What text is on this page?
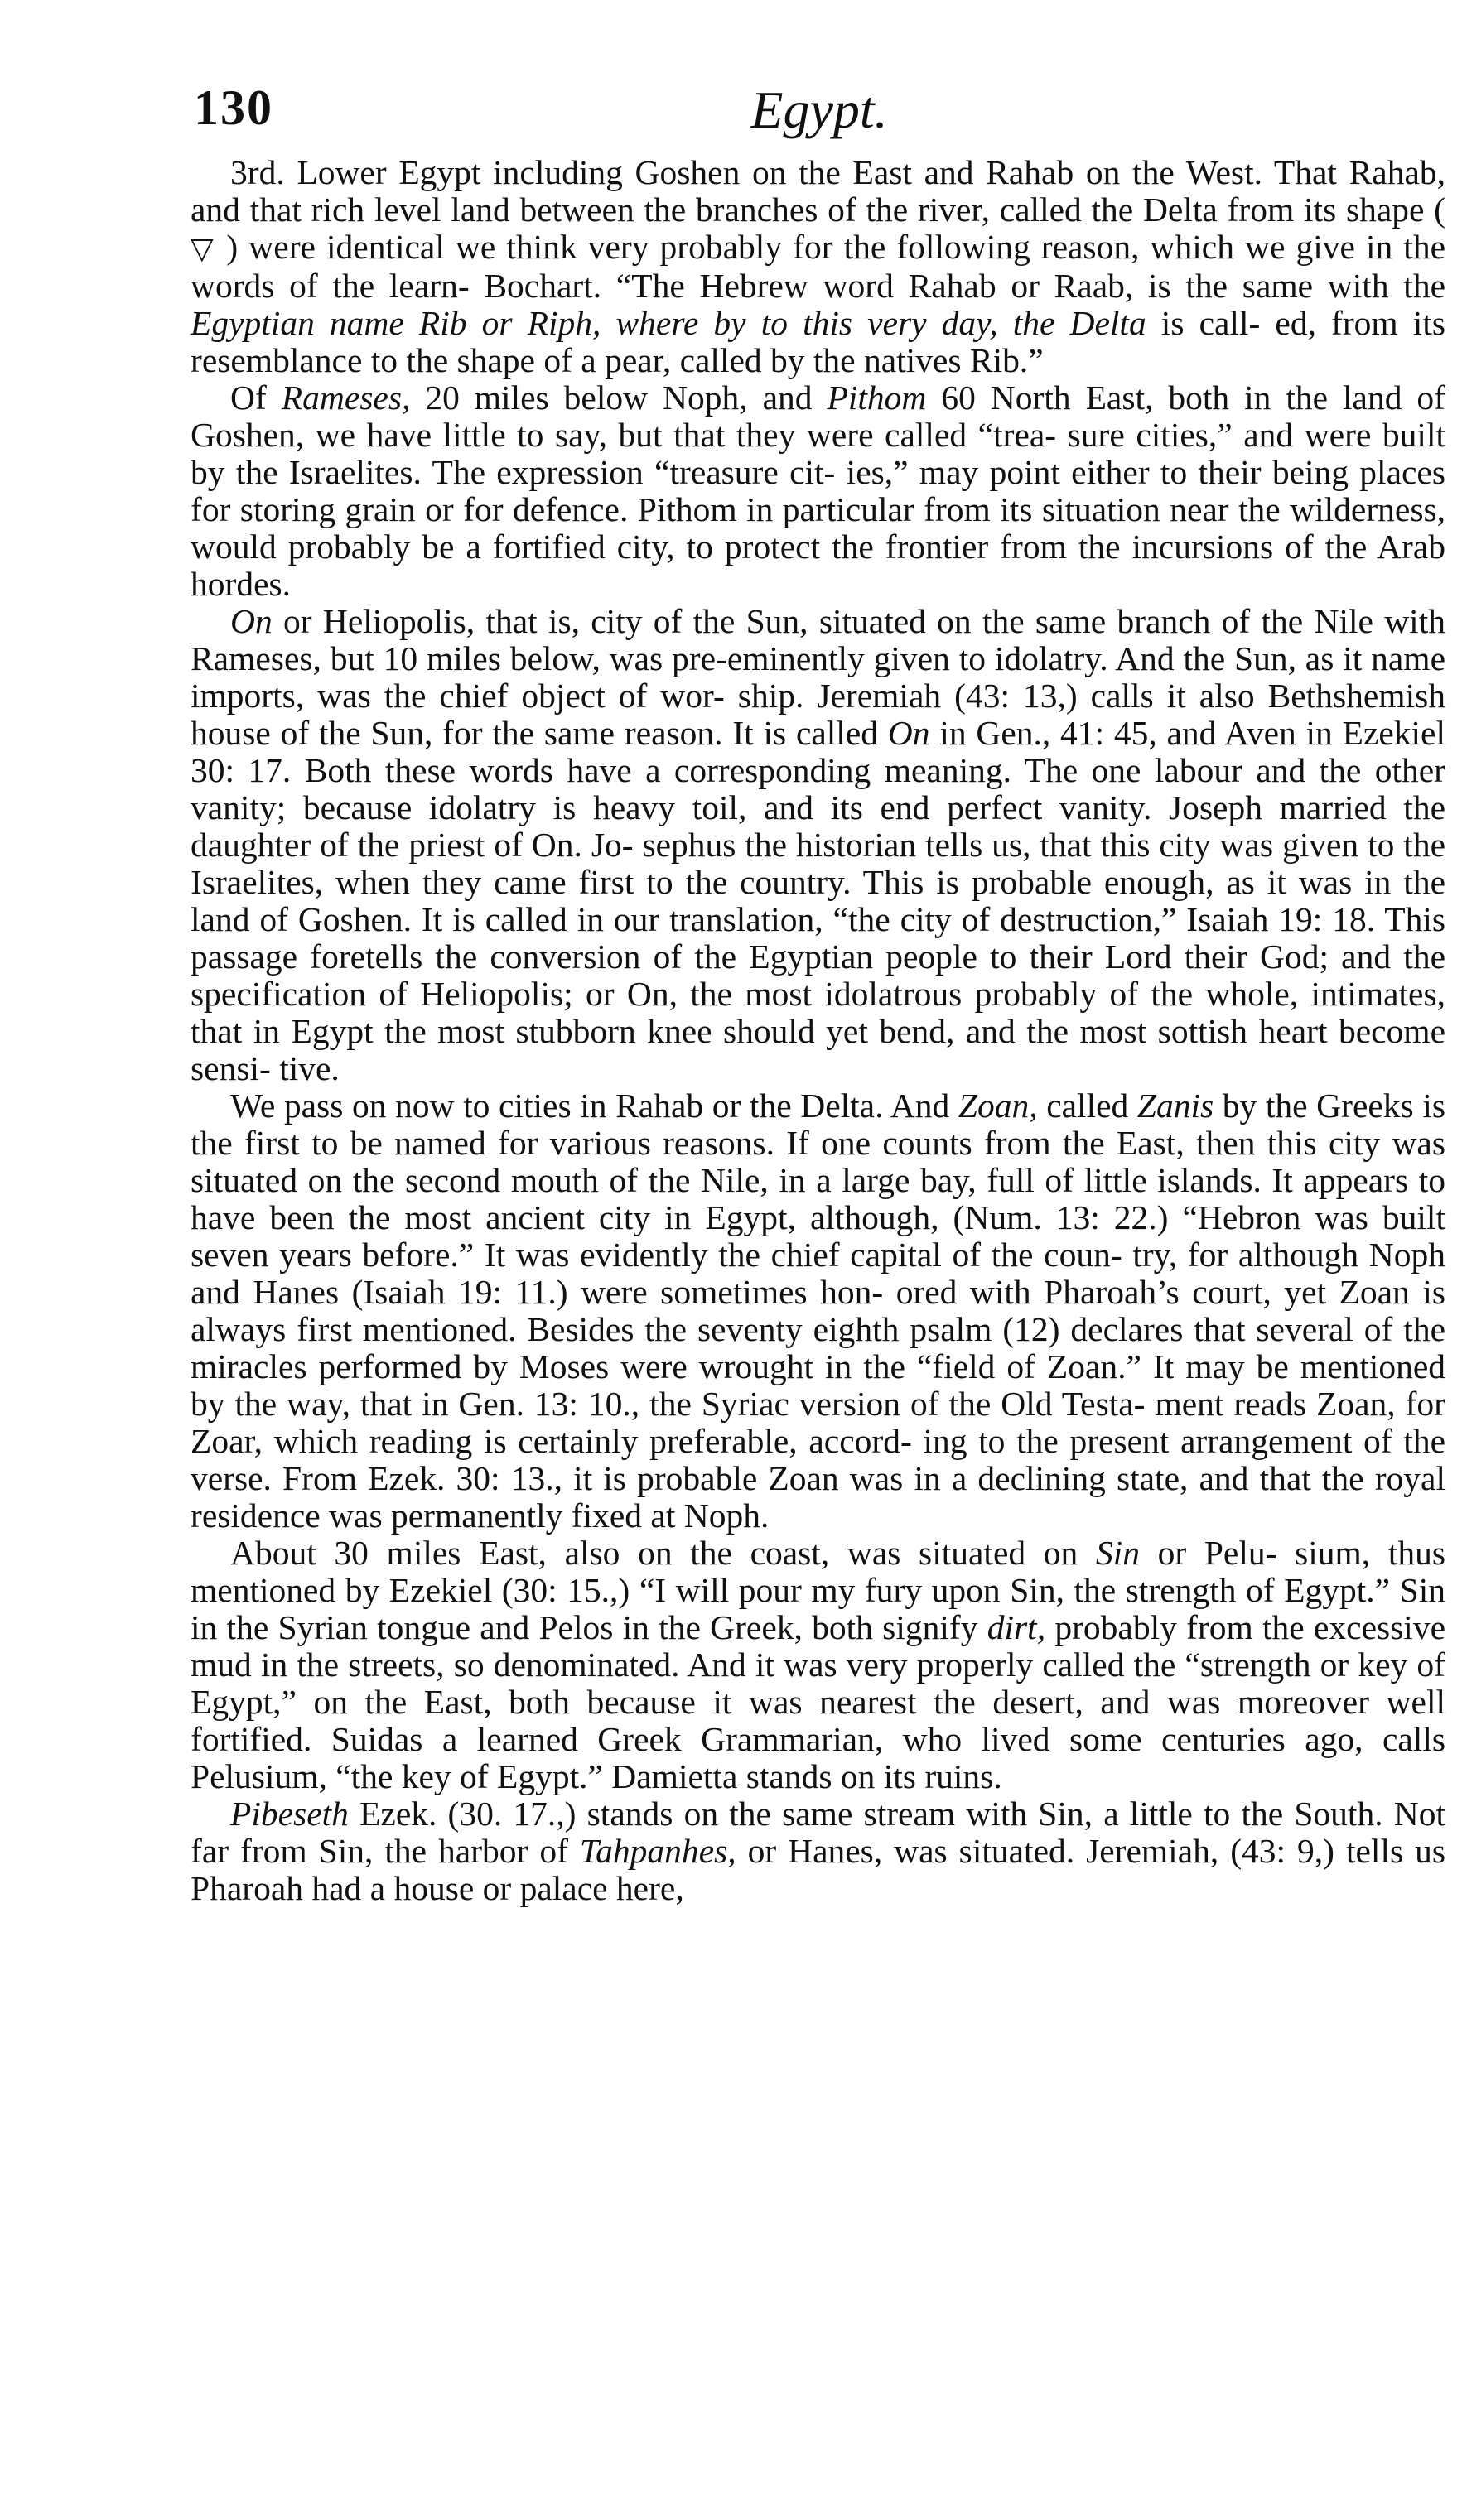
130	Egypt.

3rd. Lower Egypt including Goshen on the East and Rahab on the West. That Rahab, and that rich level land between the branches of the river, called the Delta from its shape ( ▽ ) were identical we think very probably for the following reason, which we give in the words of the learn- Bochart. “The Hebrew word Rahab or Raab, is the same with the Egyptian name Rib or Riph, where by to this very day, the Delta is call- ed, from its resemblance to the shape of a pear, called by the natives Rib.”

Of Rameses, 20 miles below Noph, and Pithom 60 North East, both in the land of Goshen, we have little to say, but that they were called “trea- sure cities,” and were built by the Israelites. The expression “treasure cit- ies,” may point either to their being places for storing grain or for defence. Pithom in particular from its situation near the wilderness, would probably be a fortified city, to protect the frontier from the incursions of the Arab hordes.

On or Heliopolis, that is, city of the Sun, situated on the same branch of the Nile with Rameses, but 10 miles below, was pre-eminently given to idolatry. And the Sun, as it name imports, was the chief object of wor- ship. Jeremiah (43: 13,) calls it also Bethshemish house of the Sun, for the same reason. It is called On in Gen., 41: 45, and Aven in Ezekiel 30: 17. Both these words have a corresponding meaning. The one labour and the other vanity; because idolatry is heavy toil, and its end perfect vanity. Joseph married the daughter of the priest of On. Jo- sephus the historian tells us, that this city was given to the Israelites, when they came first to the country. This is probable enough, as it was in the land of Goshen. It is called in our translation, “the city of destruction,” Isaiah 19: 18. This passage foretells the conversion of the Egyptian people to their Lord their God; and the specification of Heliopolis; or On, the most idolatrous probably of the whole, intimates, that in Egypt the most stubborn knee should yet bend, and the most sottish heart become sensi- tive.

We pass on now to cities in Rahab or the Delta. And Zoan, called Zanis by the Greeks is the first to be named for various reasons. If one counts from the East, then this city was situated on the second mouth of the Nile, in a large bay, full of little islands. It appears to have been the most ancient city in Egypt, although, (Num. 13: 22.) “Hebron was built seven years before.” It was evidently the chief capital of the coun- try, for although Noph and Hanes (Isaiah 19: 11.) were sometimes hon- ored with Pharoah’s court, yet Zoan is always first mentioned. Besides the seventy eighth psalm (12) declares that several of the miracles performed by Moses were wrought in the “field of Zoan.” It may be mentioned by the way, that in Gen. 13: 10., the Syriac version of the Old Testa- ment reads Zoan, for Zoar, which reading is certainly preferable, accord- ing to the present arrangement of the verse. From Ezek. 30: 13., it is probable Zoan was in a declining state, and that the royal residence was permanently fixed at Noph.

About 30 miles East, also on the coast, was situated on Sin or Pelu- sium, thus mentioned by Ezekiel (30: 15.,) “I will pour my fury upon Sin, the strength of Egypt.” Sin in the Syrian tongue and Pelos in the Greek, both signify dirt, probably from the excessive mud in the streets, so denominated. And it was very properly called the “strength or key of Egypt,” on the East, both because it was nearest the desert, and was moreover well fortified. Suidas a learned Greek Grammarian, who lived some centuries ago, calls Pelusium, “the key of Egypt.” Damietta stands on its ruins.

Pibeseth Ezek. (30. 17.,) stands on the same stream with Sin, a little to the South. Not far from Sin, the harbor of Tahpanhes, or Hanes, was situated. Jeremiah, (43: 9,) tells us Pharoah had a house or palace here,
